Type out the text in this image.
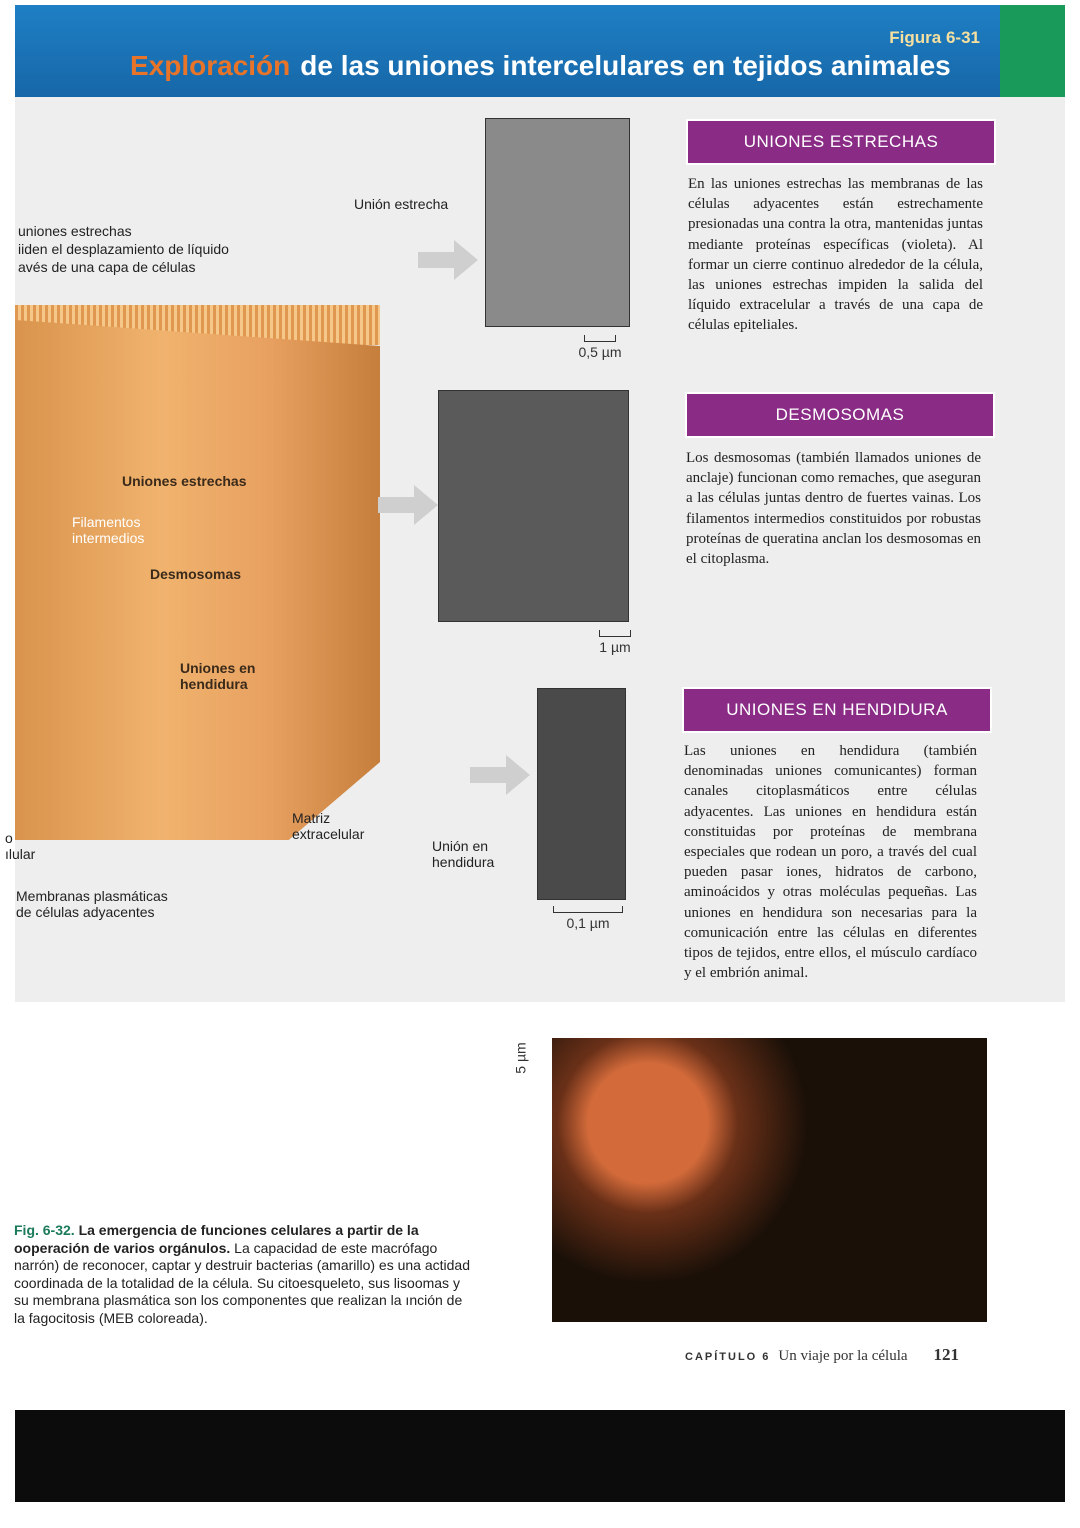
Figura 6-31
Exploración de las uniones intercelulares en tejidos animales
uniones estrechas
iiden el desplazamiento de líquido
avés de una capa de células
Uniones estrechas
Filamentos intermedios
Desmosomas
Uniones en hendidura
Matriz extracelular
o
ılular
Membranas plasmáticas de células adyacentes
Unión estrecha
Unión en hendidura
0,5 µm
1 µm
0,1 µm
UNIONES ESTRECHAS
En las uniones estrechas las membranas de las células adyacentes están estrechamente presionadas una contra la otra, mantenidas juntas mediante proteínas específicas (violeta). Al formar un cierre continuo alrededor de la célula, las uniones estrechas impiden la salida del líquido extracelular a través de una capa de células epiteliales.
DESMOSOMAS
Los desmosomas (también llamados uniones de anclaje) funcionan como remaches, que aseguran a las células juntas dentro de fuertes vainas. Los filamentos intermedios constituidos por robustas proteínas de queratina anclan los desmosomas en el citoplasma.
UNIONES EN HENDIDURA
Las uniones en hendidura (también denominadas uniones comunicantes) forman canales citoplasmáticos entre células adyacentes. Las uniones en hendidura están constituidas por proteínas de membrana especiales que rodean un poro, a través del cual pueden pasar iones, hidratos de carbono, aminoácidos y otras moléculas pequeñas. Las uniones en hendidura son necesarias para la comunicación entre las células en diferentes tipos de tejidos, entre ellos, el músculo cardíaco y el embrión animal.
5 µm
Fig. 6-32. La emergencia de funciones celulares a partir de la ooperación de varios orgánulos. La capacidad de este macrófago narrón) de reconocer, captar y destruir bacterias (amarillo) es una actidad coordinada de la totalidad de la célula. Su citoesqueleto, sus lisoomas y su membrana plasmática son los componentes que realizan la ınción de la fagocitosis (MEB coloreada).
CAPÍTULO 6 Un viaje por la célula 121
